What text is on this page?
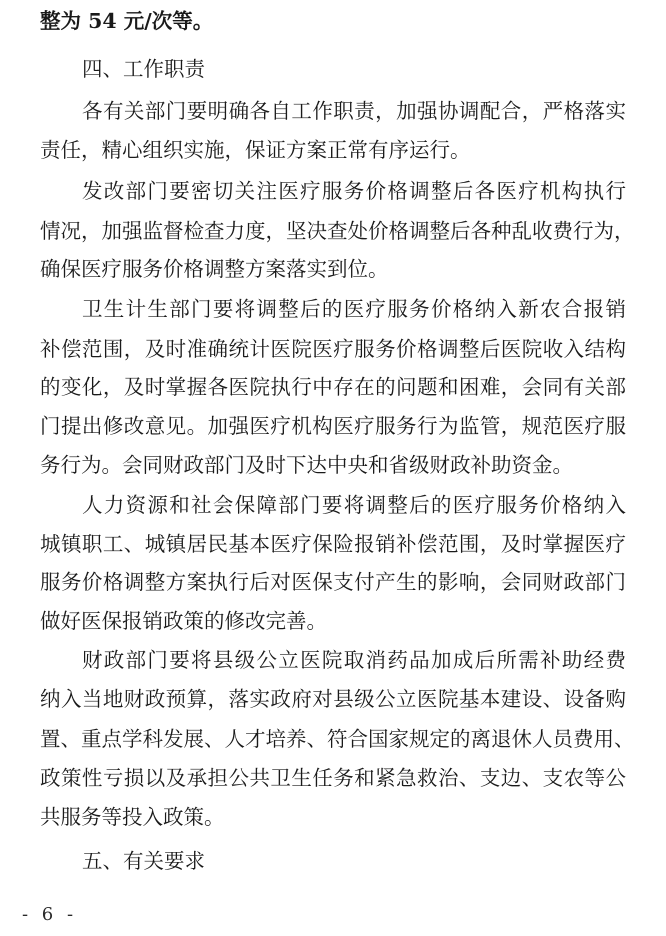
整为 54 元/次等。
四、工作职责
各有关部门要明确各自工作职责，加强协调配合，严格落实
责任，精心组织实施，保证方案正常有序运行。
发改部门要密切关注医疗服务价格调整后各医疗机构执行
情况，加强监督检查力度，坚决查处价格调整后各种乱收费行为，
确保医疗服务价格调整方案落实到位。
卫生计生部门要将调整后的医疗服务价格纳入新农合报销
补偿范围，及时准确统计医院医疗服务价格调整后医院收入结构
的变化，及时掌握各医院执行中存在的问题和困难，会同有关部
门提出修改意见。加强医疗机构医疗服务行为监管，规范医疗服
务行为。会同财政部门及时下达中央和省级财政补助资金。
人力资源和社会保障部门要将调整后的医疗服务价格纳入
城镇职工、城镇居民基本医疗保险报销补偿范围，及时掌握医疗
服务价格调整方案执行后对医保支付产生的影响，会同财政部门
做好医保报销政策的修改完善。
财政部门要将县级公立医院取消药品加成后所需补助经费
纳入当地财政预算，落实政府对县级公立医院基本建设、设备购
置、重点学科发展、人才培养、符合国家规定的离退休人员费用、
政策性亏损以及承担公共卫生任务和紧急救治、支边、支农等公
共服务等投入政策。
- 6 -
五、有关要求
